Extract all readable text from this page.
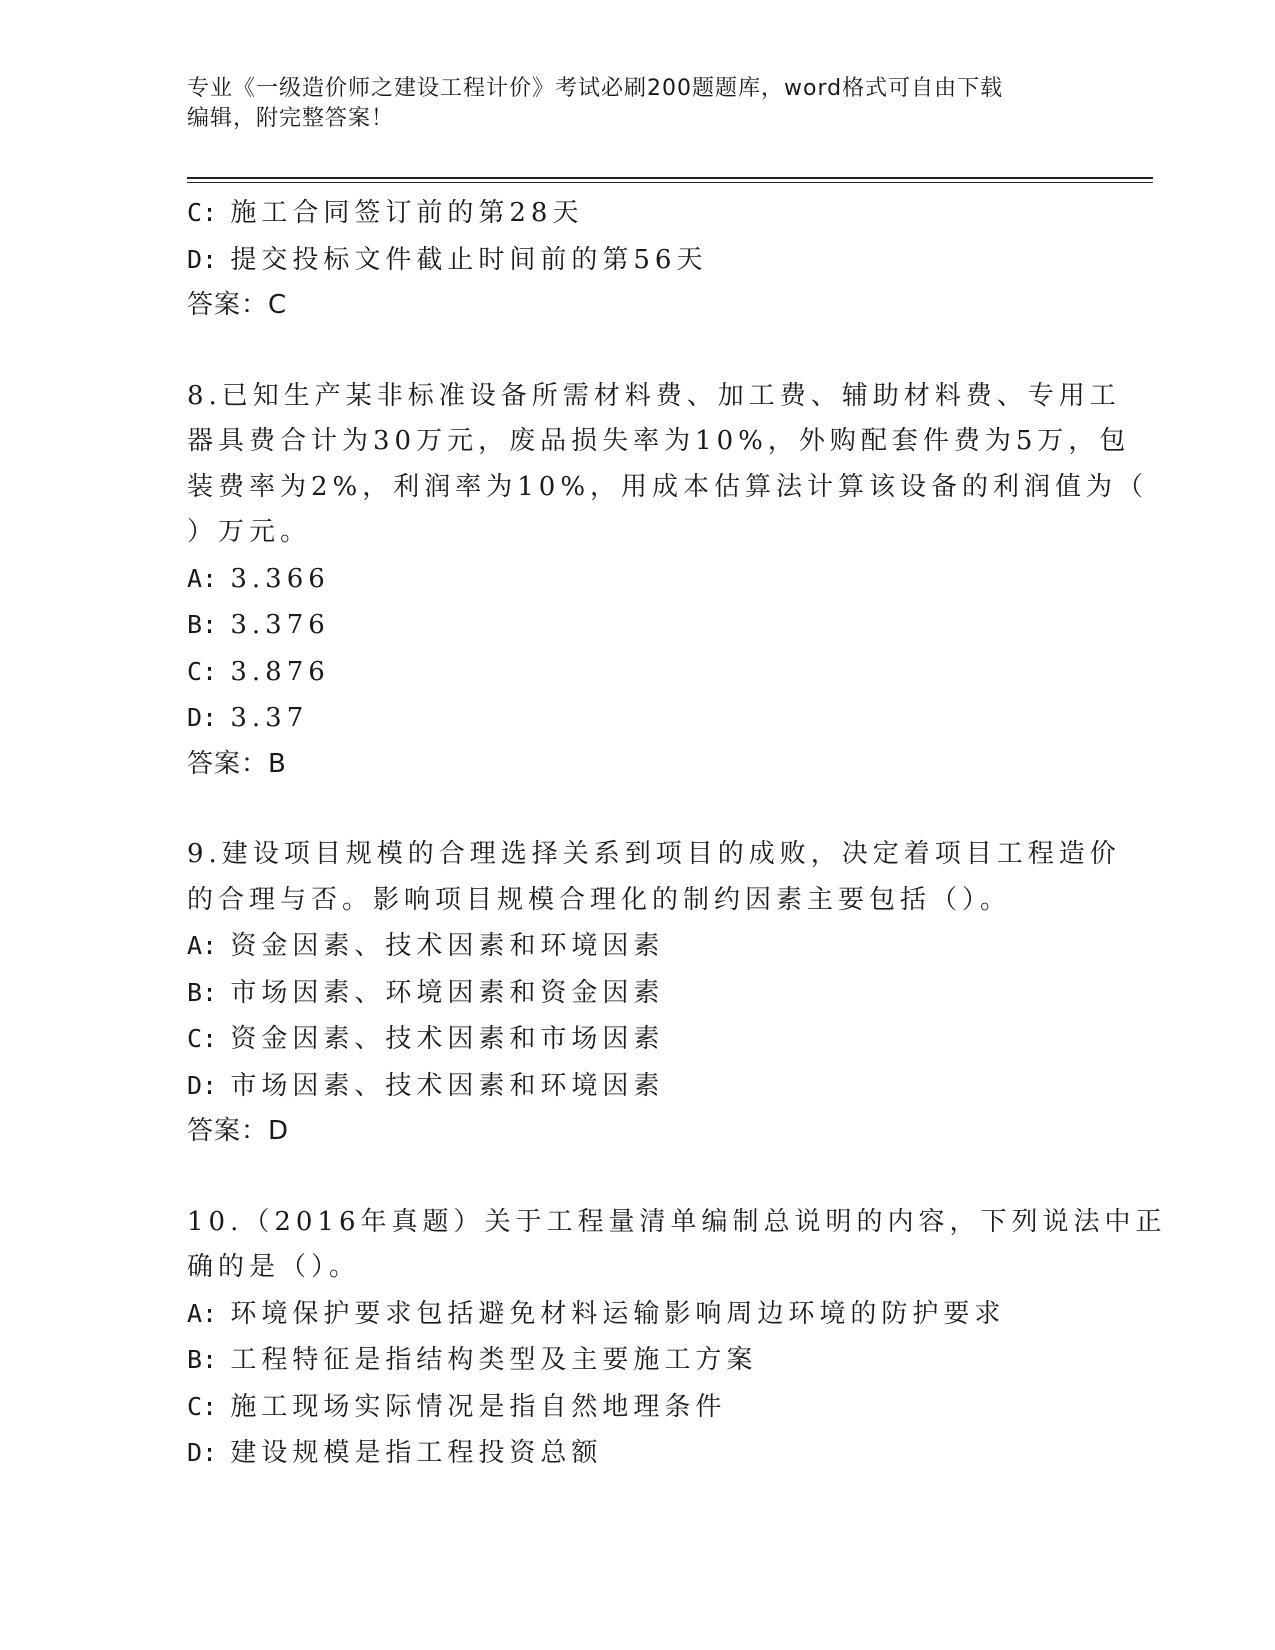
专业《一级造价师之建设工程计价》考试必刷200题题库，word格式可自由下载
编辑，附完整答案！
C: 施工合同签订前的第28天
D: 提交投标文件截止时间前的第56天
答案：C
8.已知生产某非标准设备所需材料费、加工费、辅助材料费、专用工
器具费合计为30万元，废品损失率为10%，外购配套件费为5万，包
装费率为2%，利润率为10%，用成本估算法计算该设备的利润值为（
）万元。
A: 3.366
B: 3.376
C: 3.876
D: 3.37
答案：B
9.建设项目规模的合理选择关系到项目的成败，决定着项目工程造价
的合理与否。影响项目规模合理化的制约因素主要包括（）。
A: 资金因素、技术因素和环境因素
B: 市场因素、环境因素和资金因素
C: 资金因素、技术因素和市场因素
D: 市场因素、技术因素和环境因素
答案：D
10.（2016年真题）关于工程量清单编制总说明的内容，下列说法中正
确的是（）。
A: 环境保护要求包括避免材料运输影响周边环境的防护要求
B: 工程特征是指结构类型及主要施工方案
C: 施工现场实际情况是指自然地理条件
D: 建设规模是指工程投资总额
